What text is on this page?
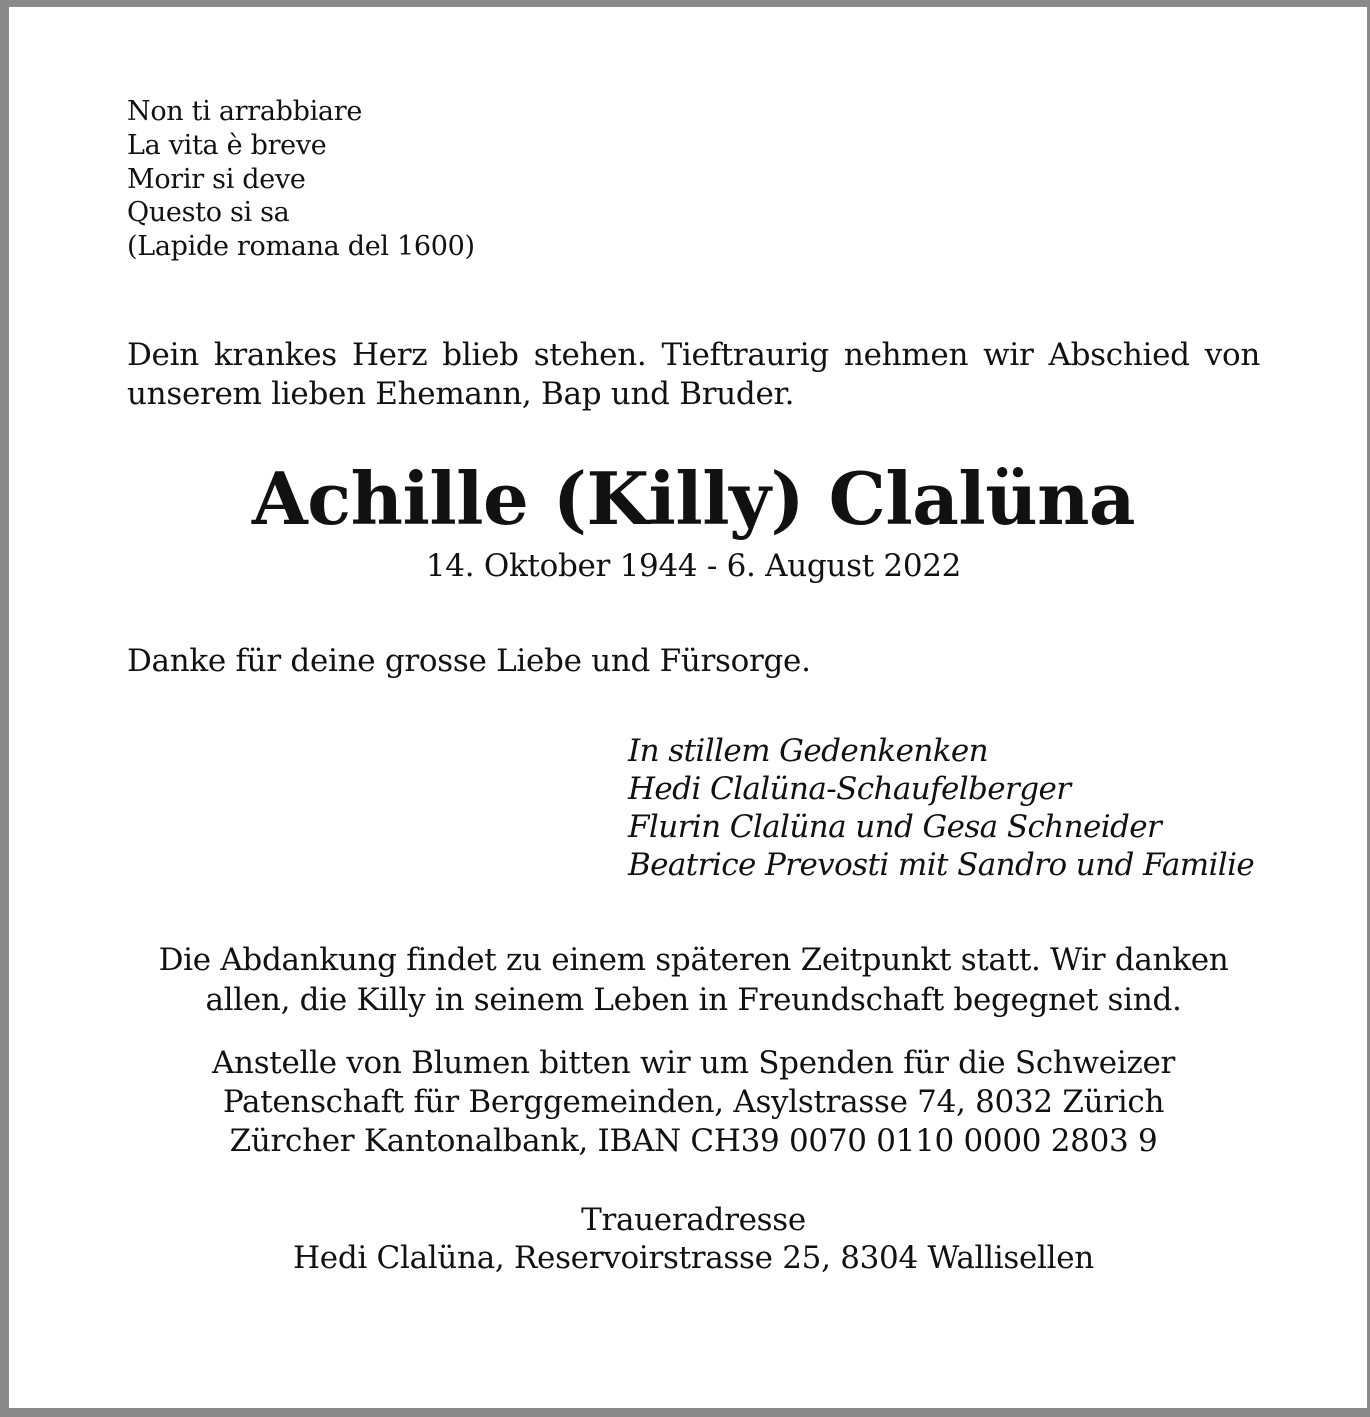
Non ti arrabbiare
La vita è breve
Morir si deve
Questo si sa
(Lapide romana del 1600)
Dein krankes Herz blieb stehen. Tieftraurig nehmen wir Abschied von unserem lieben Ehemann, Bap und Bruder.
Achille (Killy) Clalüna
14. Oktober 1944 - 6. August 2022
Danke für deine grosse Liebe und Fürsorge.
In stillem Gedenkenken
Hedi Clalüna-Schaufelberger
Flurin Clalüna und Gesa Schneider
Beatrice Prevosti mit Sandro und Familie
Die Abdankung findet zu einem späteren Zeitpunkt statt. Wir danken
allen, die Killy in seinem Leben in Freundschaft begegnet sind.
Anstelle von Blumen bitten wir um Spenden für die Schweizer
Patenschaft für Berggemeinden, Asylstrasse 74, 8032 Zürich
Zürcher Kantonalbank, IBAN CH39 0070 0110 0000 2803 9
Traueradresse
Hedi Clalüna, Reservoirstrasse 25, 8304 Wallisellen
